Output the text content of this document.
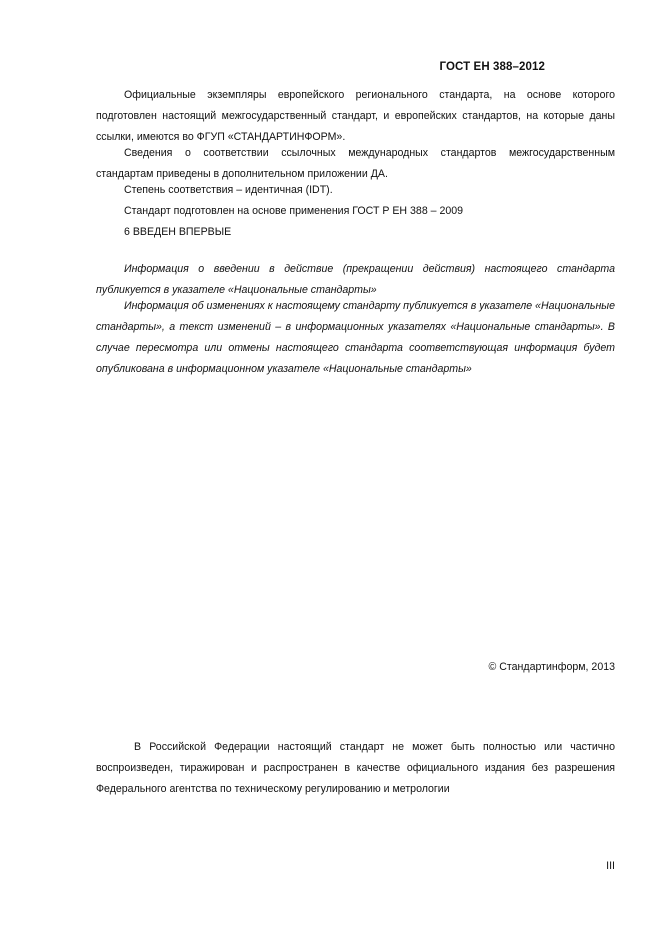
ГОСТ ЕН 388–2012

Официальные экземпляры европейского регионального стандарта, на основе которого подготовлен настоящий межгосударственный стандарт, и европейских стандартов, на которые даны ссылки, имеются во ФГУП «СТАНДАРТИНФОРМ».

Сведения о соответствии ссылочных международных стандартов межгосударственным стандартам приведены в дополнительном приложении ДА.

Степень соответствия – идентичная (IDT).

Стандарт подготовлен на основе применения ГОСТ Р ЕН 388 – 2009

6 ВВЕДЕН ВПЕРВЫЕ

Информация о введении в действие (прекращении действия) настоящего стандарта публикуется в указателе «Национальные стандарты»

Информация об изменениях к настоящему стандарту публикуется в указателе «Национальные стандарты», а текст изменений – в информационных указателях «Национальные стандарты». В случае пересмотра или отмены настоящего стандарта соответствующая информация будет опубликована в информационном указателе «Национальные стандарты»

© Стандартинформ, 2013

В Российской Федерации настоящий стандарт не может быть полностью или частично воспроизведен, тиражирован и распространен в качестве официального издания без разрешения Федерального агентства по техническому регулированию и метрологии

III
